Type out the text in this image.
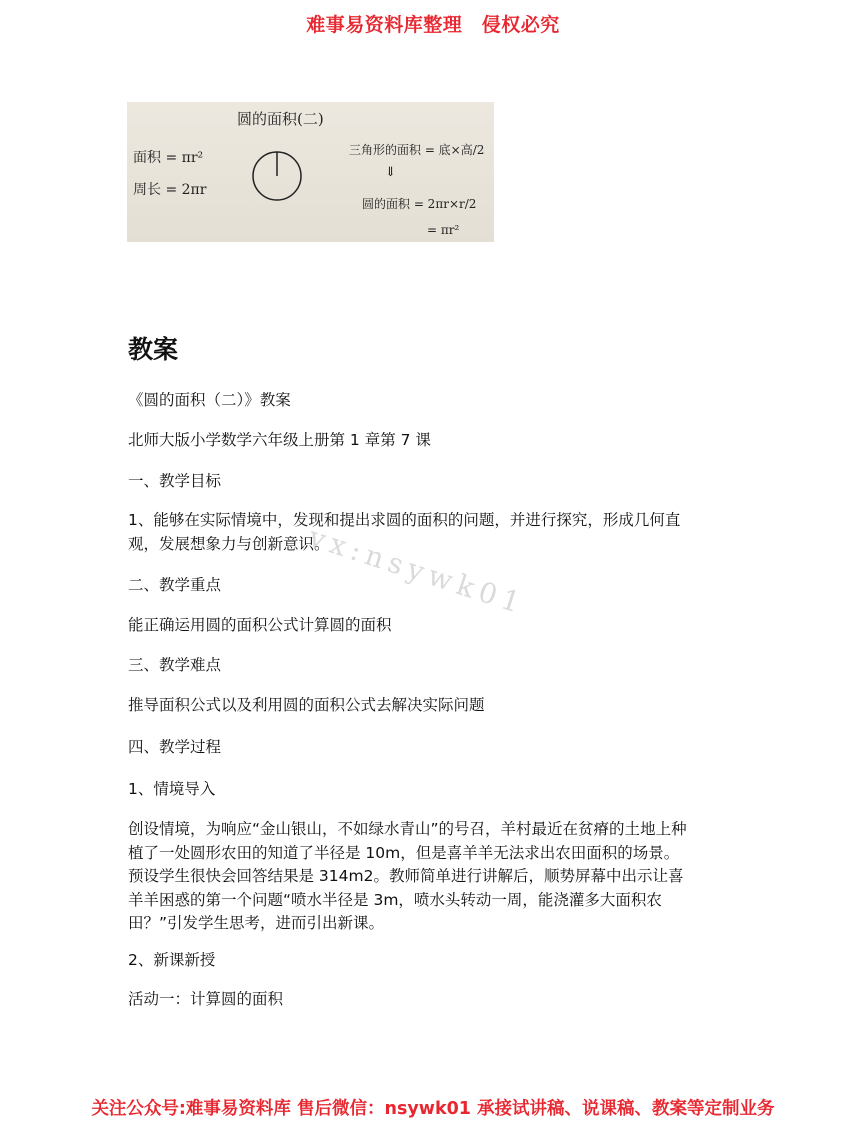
难事易资料库整理　侵权必究
圆的面积(二)
面积 = πr²
周长 = 2πr
三角形的面积 = 底×高/2
⇓
圆的面积 = 2πr×r/2
= πr²
教案
《圆的面积（二）》教案
北师大版小学数学六年级上册第 1 章第 7 课
一、教学目标
1、能够在实际情境中，发现和提出求圆的面积的问题，并进行探究，形成几何直
观，发展想象力与创新意识。
二、教学重点
能正确运用圆的面积公式计算圆的面积
三、教学难点
推导面积公式以及利用圆的面积公式去解决实际问题
四、教学过程
1、情境导入
创设情境，为响应“金山银山，不如绿水青山”的号召，羊村最近在贫瘠的土地上种
植了一处圆形农田的知道了半径是 10m，但是喜羊羊无法求出农田面积的场景。
预设学生很快会回答结果是 314m2。教师简单进行讲解后，顺势屏幕中出示让喜
羊羊困惑的第一个问题“喷水半径是 3m，喷水头转动一周，能浇灌多大面积农
田？”引发学生思考，进而引出新课。
2、新课新授
活动一：计算圆的面积
vx:nsywk01
关注公众号:难事易资料库 售后微信：nsywk01 承接试讲稿、说课稿、教案等定制业务
